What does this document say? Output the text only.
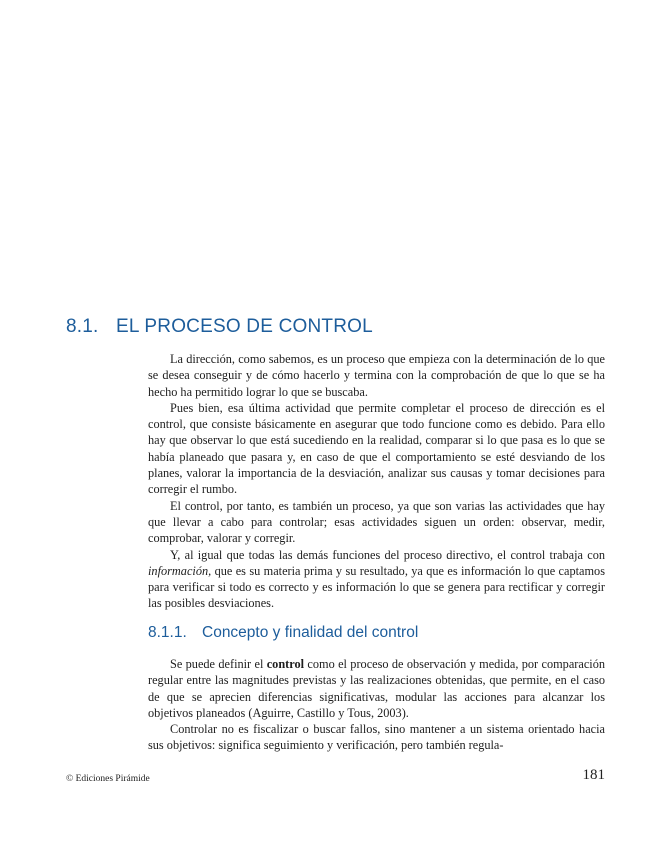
8.1. EL PROCESO DE CONTROL

La dirección, como sabemos, es un proceso que empieza con la determinación de lo que se desea conseguir y de cómo hacerlo y termina con la comprobación de que lo que se ha hecho ha permitido lograr lo que se buscaba.

Pues bien, esa última actividad que permite completar el proceso de dirección es el control, que consiste básicamente en asegurar que todo funcione como es debido. Para ello hay que observar lo que está sucediendo en la realidad, comparar si lo que pasa es lo que se había planeado que pasara y, en caso de que el comportamiento se esté desviando de los planes, valorar la importancia de la desviación, analizar sus causas y tomar decisiones para corregir el rumbo.

El control, por tanto, es también un proceso, ya que son varias las actividades que hay que llevar a cabo para controlar; esas actividades siguen un orden: observar, medir, comprobar, valorar y corregir.

Y, al igual que todas las demás funciones del proceso directivo, el control trabaja con información, que es su materia prima y su resultado, ya que es información lo que captamos para verificar si todo es correcto y es información lo que se genera para rectificar y corregir las posibles desviaciones.

8.1.1. Concepto y finalidad del control

Se puede definir el control como el proceso de observación y medida, por comparación regular entre las magnitudes previstas y las realizaciones obtenidas, que permite, en el caso de que se aprecien diferencias significativas, modular las acciones para alcanzar los objetivos planeados (Aguirre, Castillo y Tous, 2003).

Controlar no es fiscalizar o buscar fallos, sino mantener a un sistema orientado hacia sus objetivos: significa seguimiento y verificación, pero también regula-

© Ediciones Pirámide	181
